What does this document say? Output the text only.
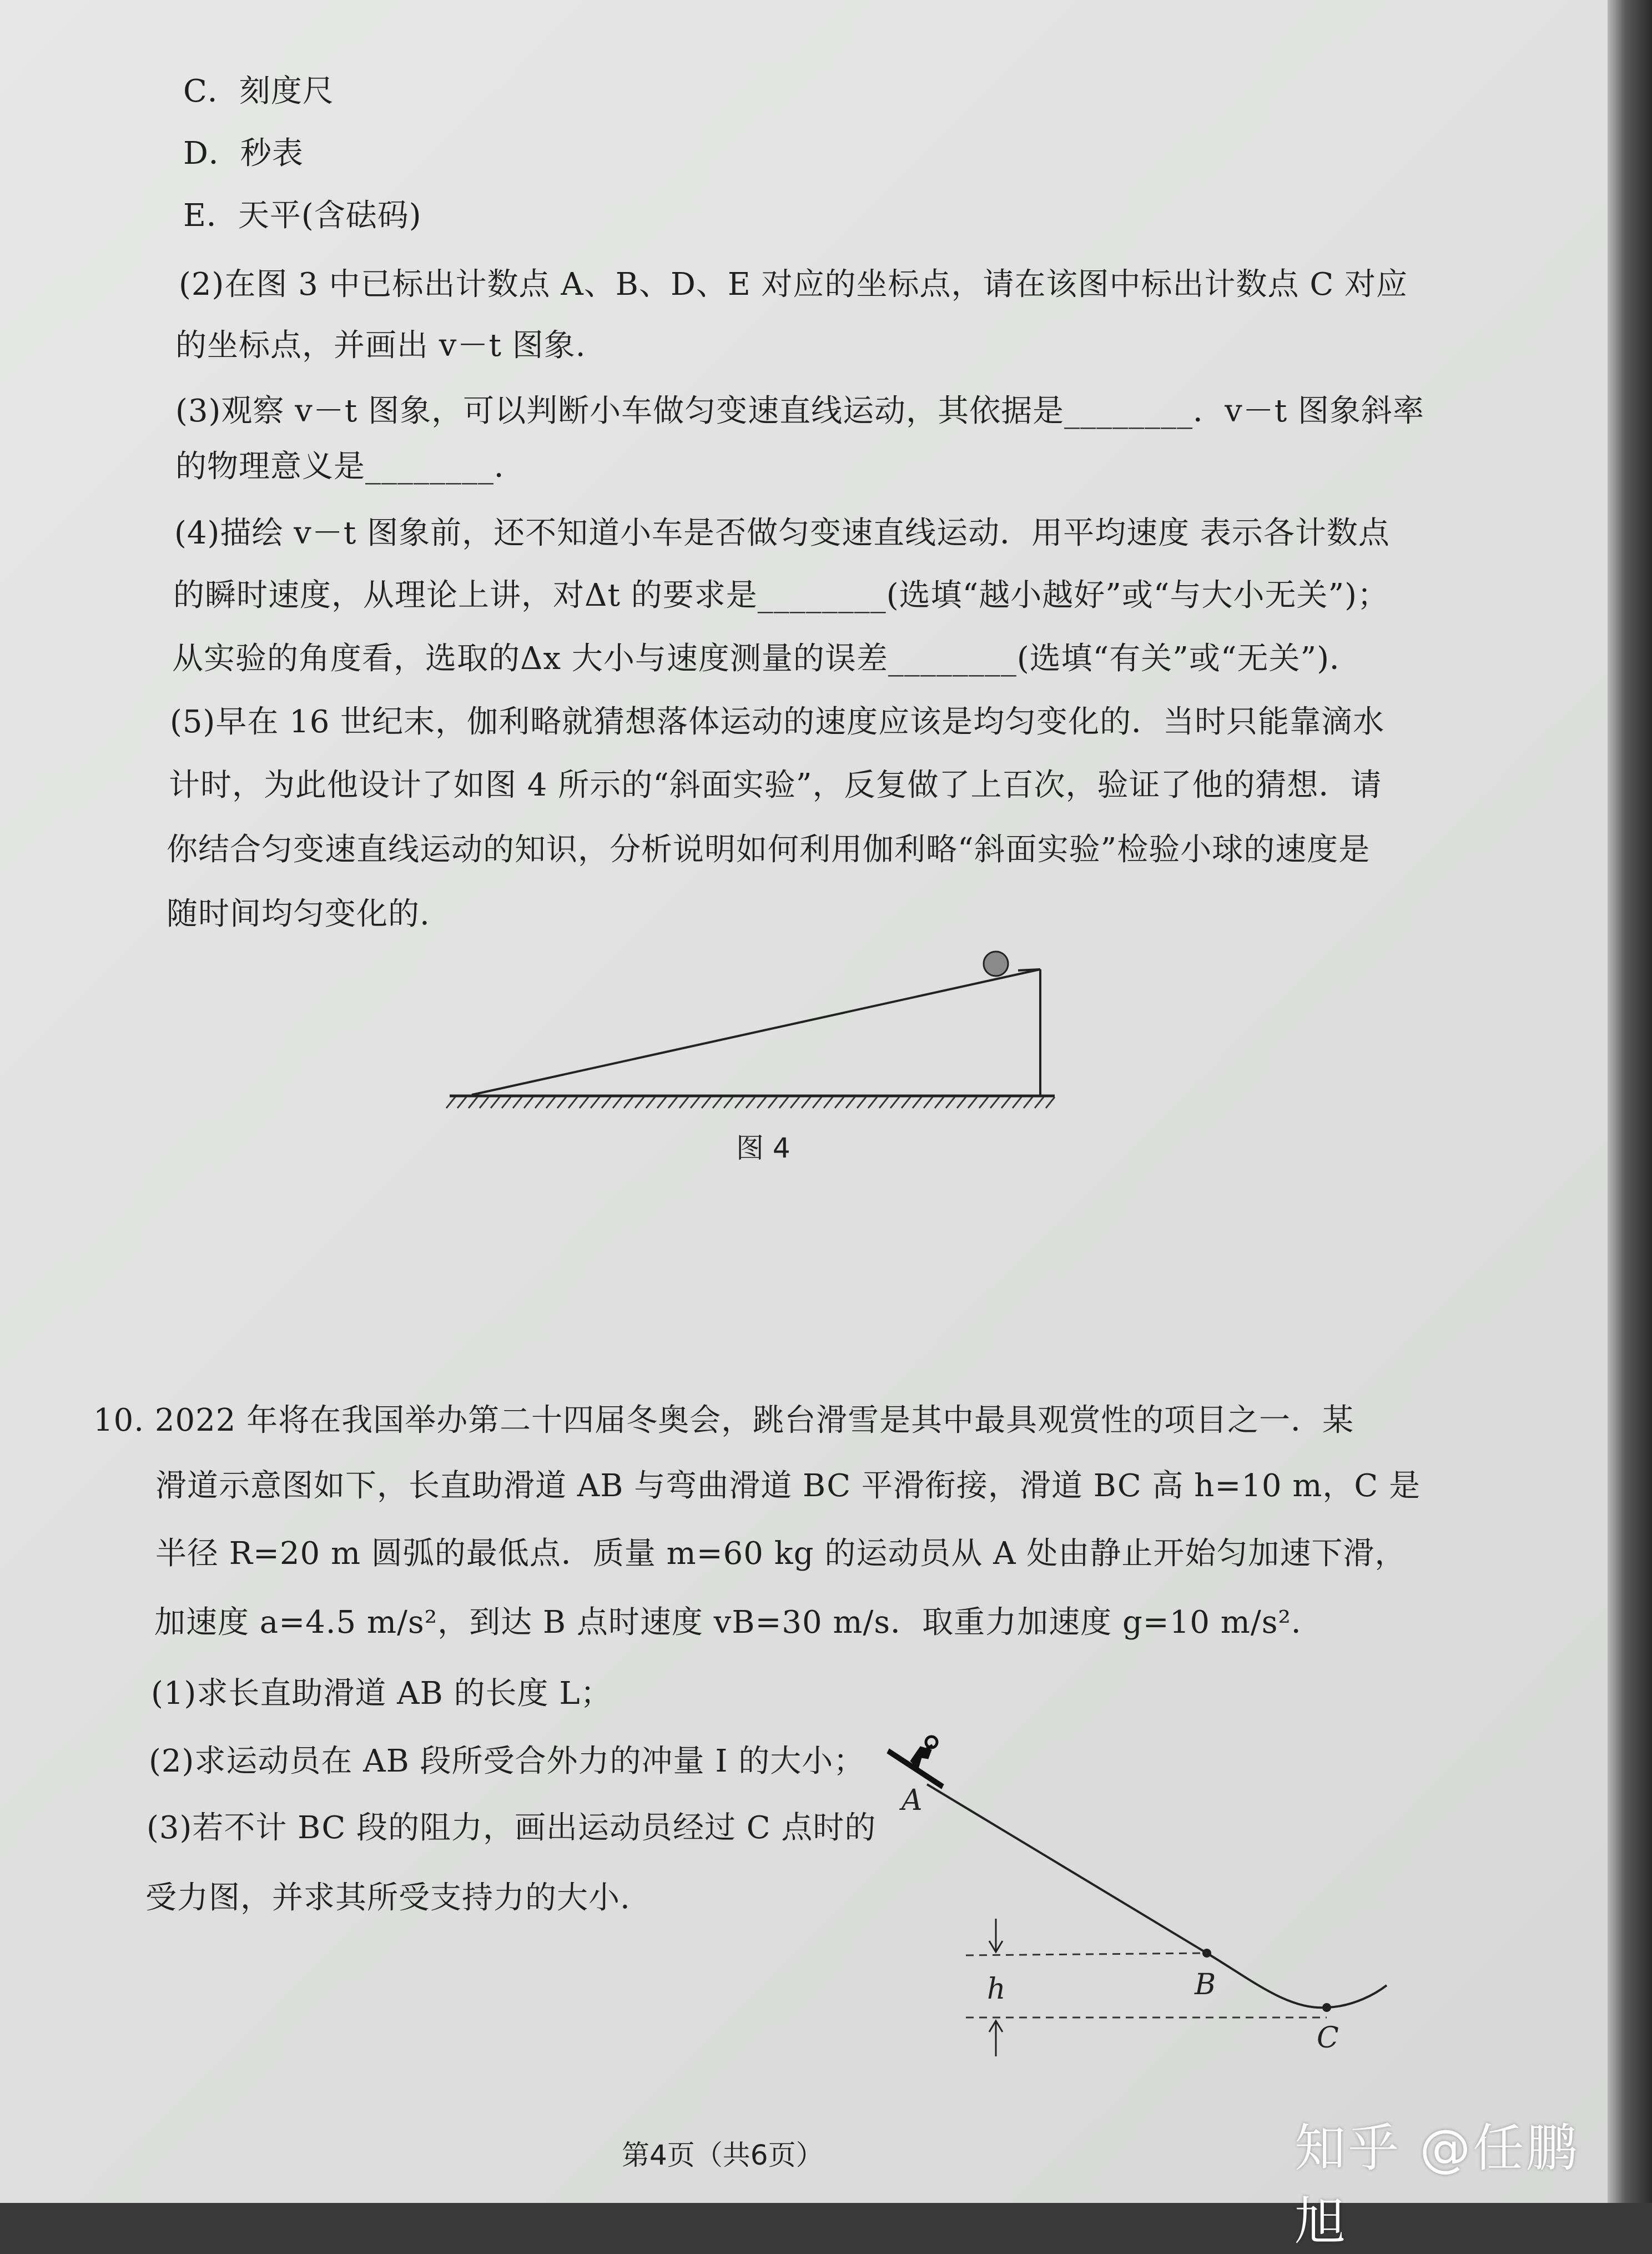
C．刻度尺
D．秒表
E．天平(含砝码)
(2)在图 3 中已标出计数点 A、B、D、E 对应的坐标点，请在该图中标出计数点 C 对应
的坐标点，并画出 v－t 图象.
(3)观察 v－t 图象，可以判断小车做匀变速直线运动，其依据是________．v－t 图象斜率
的物理意义是________．
(4)描绘 v－t 图象前，还不知道小车是否做匀变速直线运动．用平均速度 表示各计数点
的瞬时速度，从理论上讲，对Δt 的要求是________(选填“越小越好”或“与大小无关”)；
从实验的角度看，选取的Δx 大小与速度测量的误差________(选填“有关”或“无关”)．
(5)早在 16 世纪末，伽利略就猜想落体运动的速度应该是均匀变化的．当时只能靠滴水
计时，为此他设计了如图 4 所示的“斜面实验”，反复做了上百次，验证了他的猜想．请
你结合匀变速直线运动的知识，分析说明如何利用伽利略“斜面实验”检验小球的速度是
随时间均匀变化的.
图 4
10. 2022 年将在我国举办第二十四届冬奥会，跳台滑雪是其中最具观赏性的项目之一．某
滑道示意图如下，长直助滑道 AB 与弯曲滑道 BC 平滑衔接，滑道 BC 高 h=10 m，C 是
半径 R=20 m 圆弧的最低点．质量 m=60 kg 的运动员从 A 处由静止开始匀加速下滑，
加速度 a=4.5 m/s²，到达 B 点时速度 vB=30 m/s．取重力加速度 g=10 m/s²．
(1)求长直助滑道 AB 的长度 L；
(2)求运动员在 AB 段所受合外力的冲量 I 的大小；
(3)若不计 BC 段的阻力，画出运动员经过 C 点时的
受力图，并求其所受支持力的大小.
A
B
C
h
第4页（共6页）	知乎 @任鹏旭
